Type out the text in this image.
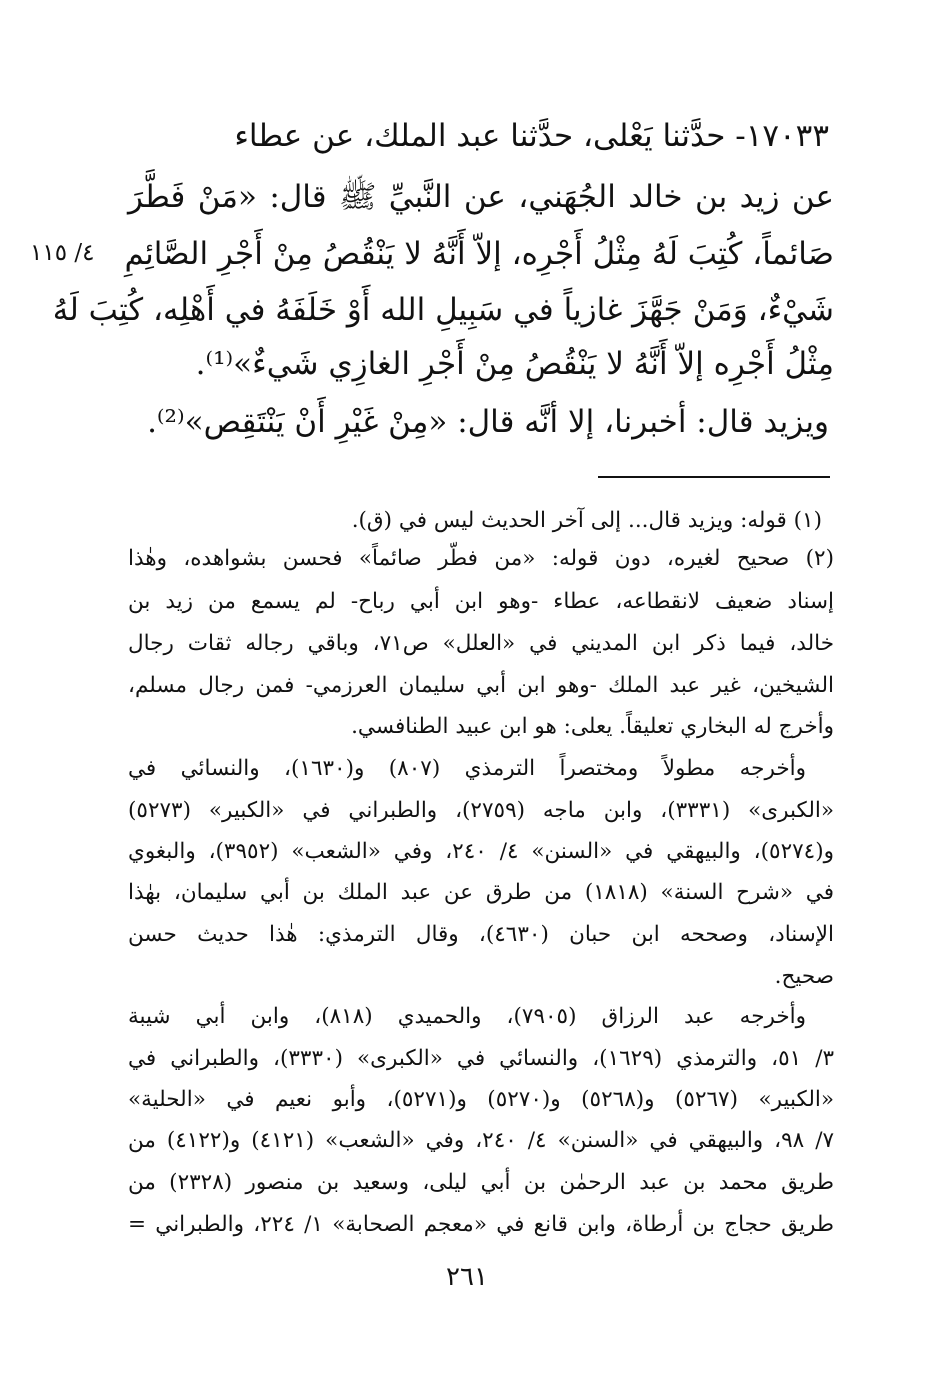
١٧٠٣٣- حدَّثنا يَعْلى، حدَّثنا عبد الملك، عن عطاء
عن زيد بن خالد الجُهَني، عن النَّبيِّ ﷺ قال: «مَنْ فَطَّرَ
صَائماً، كُتِبَ لَهُ مِثْلُ أَجْرِه، إلاّ أَنَّهُ لا يَنْقُصُ مِنْ أَجْرِ الصَّائِمِ
شَيْءٌ، وَمَنْ جَهَّزَ غازياً في سَبِيلِ الله أَوْ خَلَفَهُ في أَهْلِه، كُتِبَ لَهُ
مِثْلُ أَجْرِه إلاّ أَنَّهُ لا يَنْقُصُ مِنْ أَجْرِ الغازِي شَيءٌ»⁽¹⁾.
ويزيد قال: أخبرنا، إلا أنَّه قال: «مِنْ غَيْرِ أَنْ يَنْتَقِص»⁽²⁾.
٤/ ١١٥
(١) قوله: ويزيد قال... إلى آخر الحديث ليس في (ق).
(٢) صحيح لغيره، دون قوله: «من فطّر صائماً» فحسن بشواهده، وهٰذا
إسناد ضعيف لانقطاعه، عطاء -وهو ابن أبي رباح- لم يسمع من زيد بن
خالد، فيما ذكر ابن المديني في «العلل» ص٧١، وباقي رجاله ثقات رجال
الشيخين، غير عبد الملك -وهو ابن أبي سليمان العرزمي- فمن رجال مسلم،
وأخرج له البخاري تعليقاً. يعلى: هو ابن عبيد الطنافسي.
وأخرجه مطولاً ومختصراً الترمذي (٨٠٧) و(١٦٣٠)، والنسائي في
«الكبرى» (٣٣٣١)، وابن ماجه (٢٧٥٩)، والطبراني في «الكبير» (٥٢٧٣)
و(٥٢٧٤)، والبيهقي في «السنن» ٤/ ٢٤٠، وفي «الشعب» (٣٩٥٢)، والبغوي
في «شرح السنة» (١٨١٨) من طرق عن عبد الملك بن أبي سليمان، بهٰذا
الإسناد، وصححه ابن حبان (٤٦٣٠)، وقال الترمذي: هٰذا حديث حسن
صحيح.
وأخرجه عبد الرزاق (٧٩٠٥)، والحميدي (٨١٨)، وابن أبي شيبة
٣/ ٥١، والترمذي (١٦٢٩)، والنسائي في «الكبرى» (٣٣٣٠)، والطبراني في
«الكبير» (٥٢٦٧) و(٥٢٦٨) و(٥٢٧٠) و(٥٢٧١)، وأبو نعيم في «الحلية»
٧/ ٩٨، والبيهقي في «السنن» ٤/ ٢٤٠، وفي «الشعب» (٤١٢١) و(٤١٢٢) من
طريق محمد بن عبد الرحمٰن بن أبي ليلى، وسعيد بن منصور (٢٣٢٨) من
طريق حجاج بن أرطاة، وابن قانع في «معجم الصحابة» ١/ ٢٢٤، والطبراني =
٢٦١
